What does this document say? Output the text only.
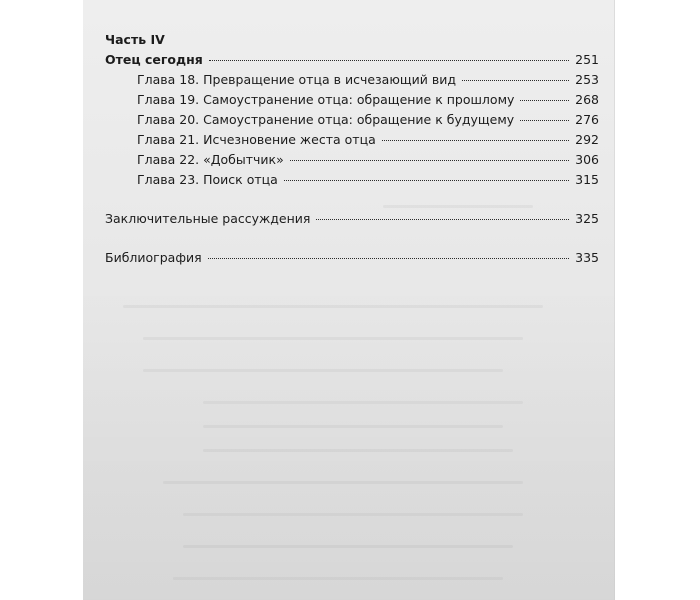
Часть IV
Отец сегодня	251
Глава 18. Превращение отца в исчезающий вид	253
Глава 19. Самоустранение отца: обращение к прошлому	268
Глава 20. Самоустранение отца: обращение к будущему	276
Глава 21. Исчезновение жеста отца	292
Глава 22. «Добытчик»	306
Глава 23. Поиск отца	315
Заключительные рассуждения	325
Библиография	335
